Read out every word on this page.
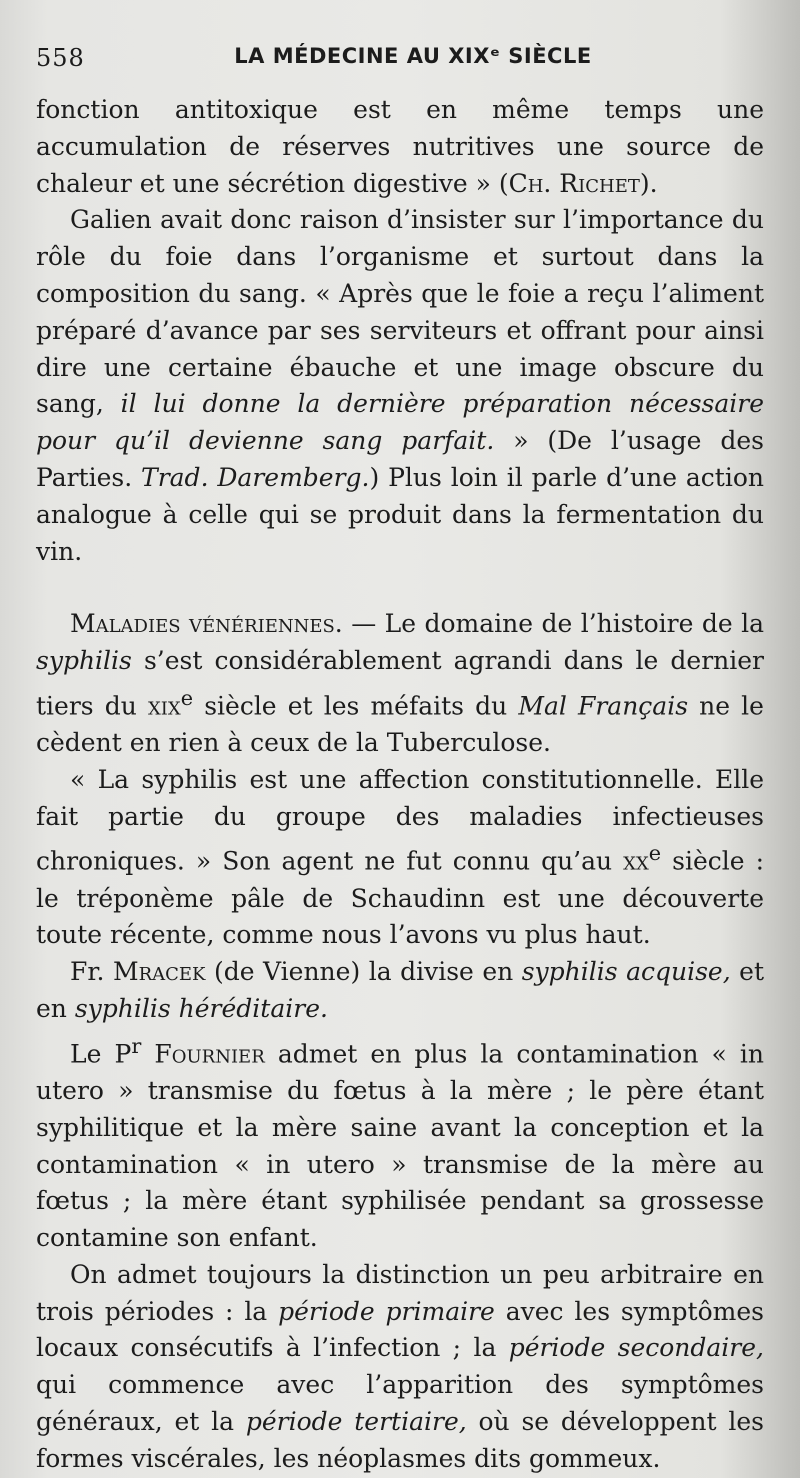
558	LA MÉDECINE AU XIXᵉ SIÈCLE

fonction antitoxique est en même temps une accumulation de réserves nutritives une source de chaleur et une sécrétion digestive » (Ch. Richet).

Galien avait donc raison d’insister sur l’importance du rôle du foie dans l’organisme et surtout dans la composition du sang. « Après que le foie a reçu l’aliment préparé d’avance par ses serviteurs et offrant pour ainsi dire une certaine ébauche et une image obscure du sang, il lui donne la dernière préparation nécessaire pour qu’il devienne sang parfait. » (De l’usage des Parties. Trad. Daremberg.) Plus loin il parle d’une action analogue à celle qui se produit dans la fermentation du vin.

Maladies vénériennes. — Le domaine de l’histoire de la syphilis s’est considérablement agrandi dans le dernier tiers du xix$^e$ siècle et les méfaits du Mal Français ne le cèdent en rien à ceux de la Tuberculose.

« La syphilis est une affection constitutionnelle. Elle fait partie du groupe des maladies infectieuses chroniques. » Son agent ne fut connu qu’au $xx^e$ siècle : le tréponème pâle de Schaudinn est une découverte toute récente, comme nous l’avons vu plus haut.

Fr. Mracek (de Vienne) la divise en syphilis acquise, et en syphilis héréditaire.

Le $P^r$ Fournier admet en plus la contamination « in utero » transmise du fœtus à la mère ; le père étant syphilitique et la mère saine avant la conception et la contamination « in utero » transmise de la mère au fœtus ; la mère étant syphilisée pendant sa grossesse contamine son enfant.

On admet toujours la distinction un peu arbitraire en trois périodes : la période primaire avec les symptômes locaux consécutifs à l’infection ; la période secondaire, qui commence avec l’apparition des symptômes généraux, et la période tertiaire, où se développent les formes viscérales, les néoplasmes dits gommeux.
